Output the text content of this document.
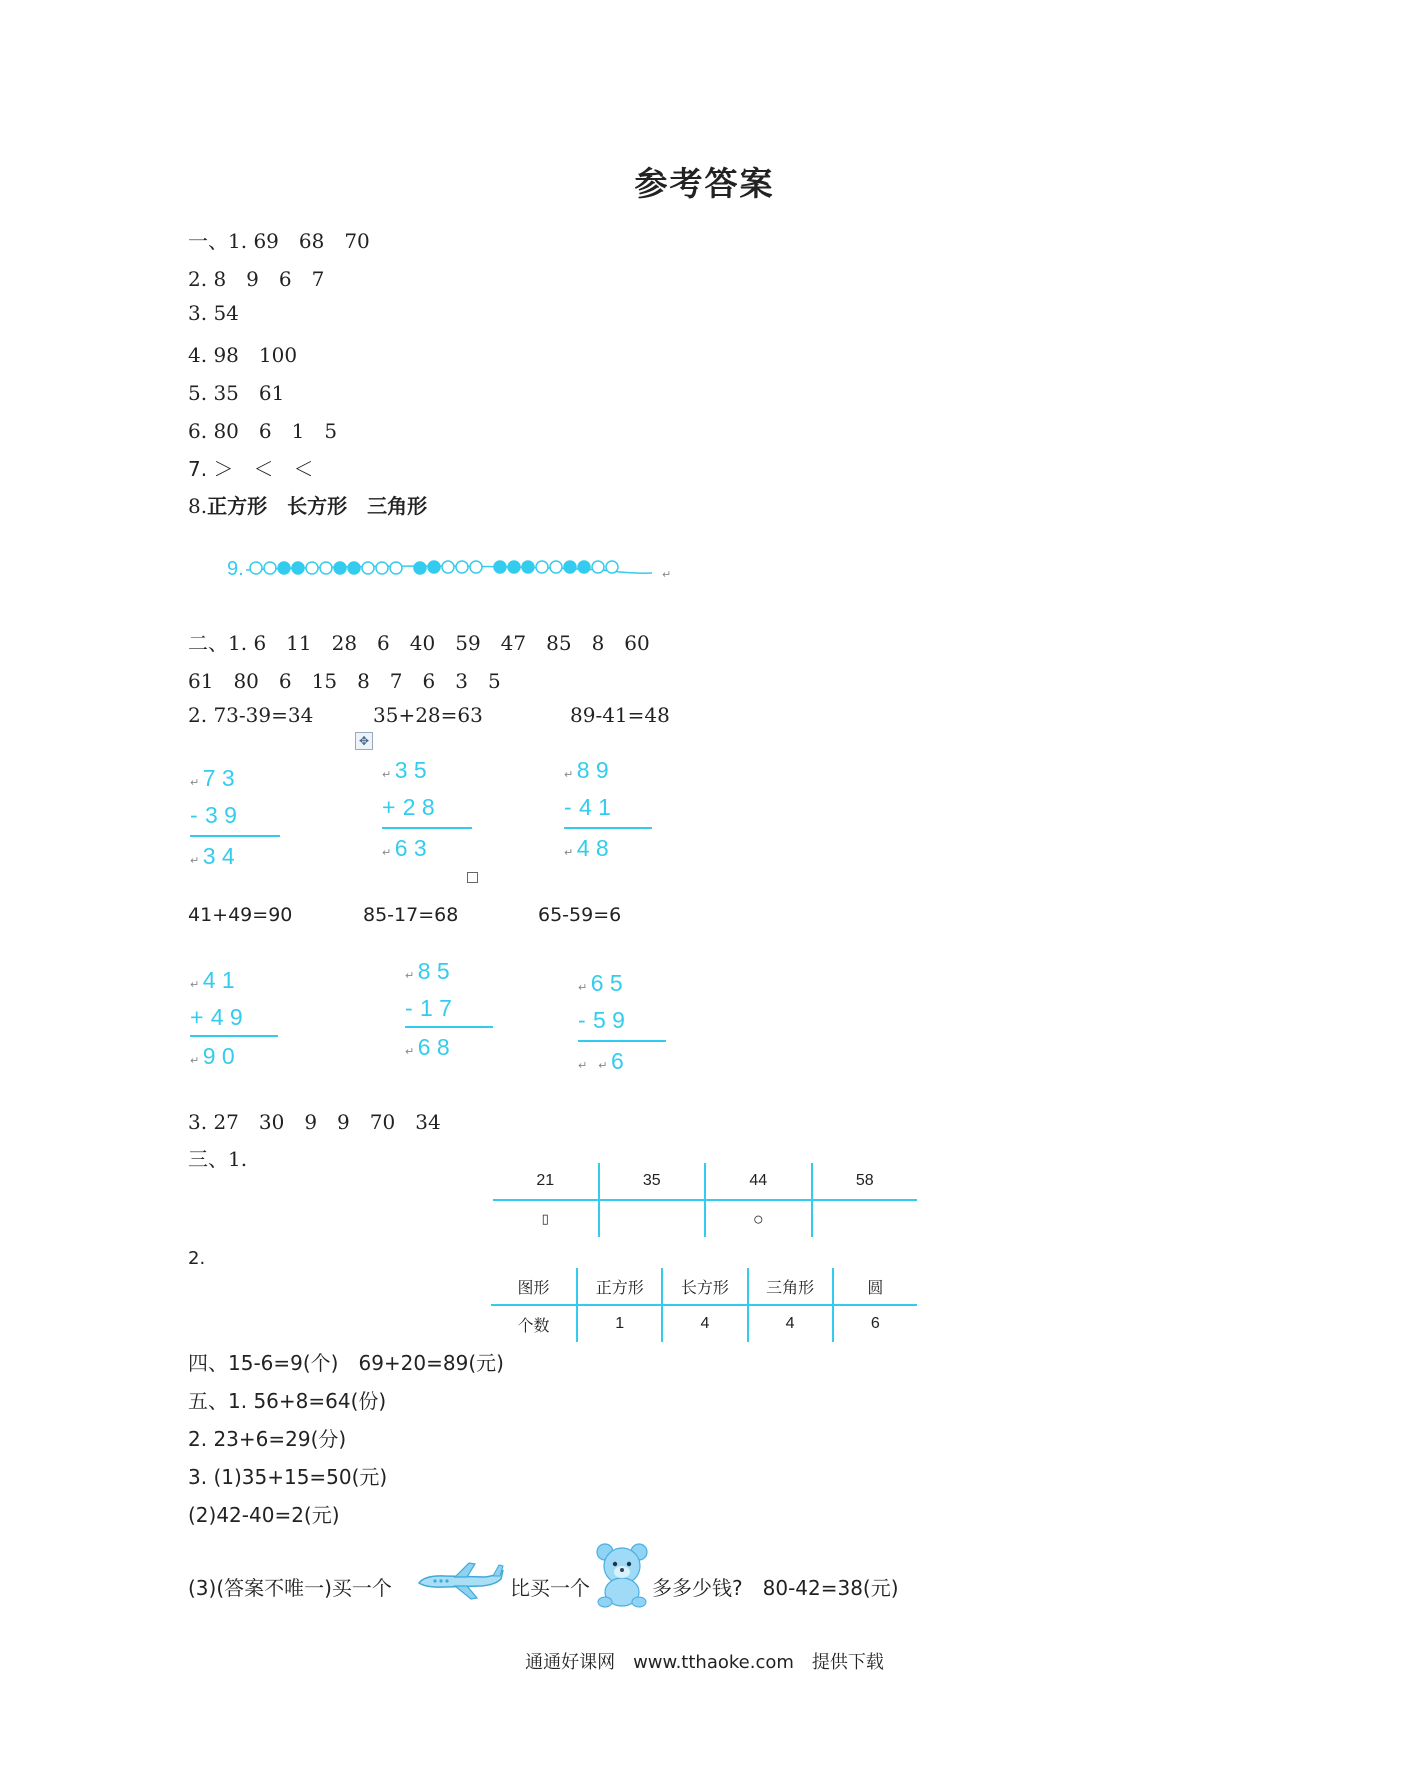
参考答案
一、1. 69　68　70
2. 8　9　6　7
3. 54
4. 98　100
5. 35　61
6. 80　6　1　5
7. ＞　＜　＜
8.正方形　长方形　三角形
9.	↵
二、1. 6　11　28　6　40　59　47　85　8　60
61　80　6　15　8　7　6　3　5
2. 73-39=34	35+28=63	89-41=48
✥
↵ 7 3
- 3 9
↵ 3 4
↵ 3 5
+ 2 8
↵ 6 3
↵ 8 9
- 4 1
↵ 4 8
41+49=90	85-17=68	65-59=6
↵ 4 1
+ 4 9
↵ 9 0
↵ 8 5
- 1 7
↵ 6 8
↵ 6 5
- 5 9
↵　↵ 6
3. 27　30　9　9　70　34
三、1.
21	35	44	58
▯		○	
2.
图形	正方形	长方形	三角形	圆
个数	1	4	4	6
四、15-6=9(个)　69+20=89(元)
五、1. 56+8=64(份)
2. 23+6=29(分)
3. (1)35+15=50(元)
(2)42-40=2(元)
(3)(答案不唯一)买一个	比买一个	多多少钱?　80-42=38(元)
通通好课网　www.tthaoke.com　提供下载
